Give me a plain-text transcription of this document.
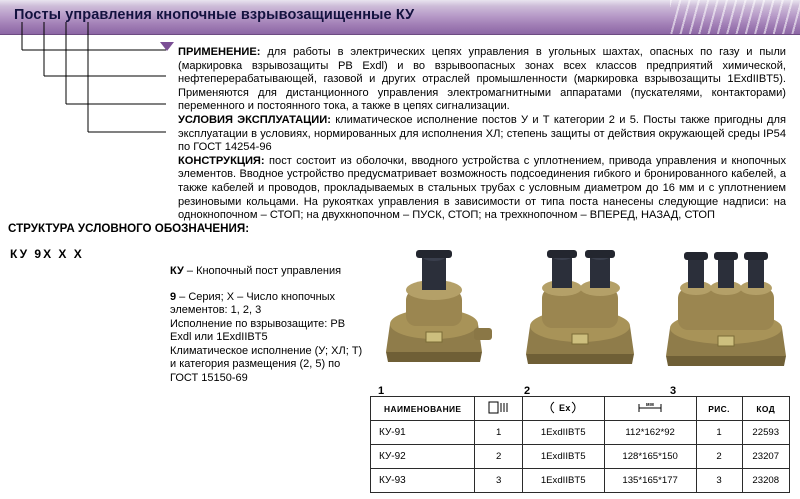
Посты управления кнопочные взрывозащищенные КУ

ПРИМЕНЕНИЕ: для работы в электрических цепях управления в угольных шахтах, опасных по газу и пыли (маркировка взрывозащиты РВ Exdl) и во взрывоопасных зонах всех классов предприятий химической, нефтеперерабатывающей, газовой и других отраслей промышленности (маркировка взрывозащиты 1ExdIIBT5). Применяются для дистанционного управления электромагнитными аппаратами (пускателями, контакторами) переменного и постоянного тока, а также в цепях сигнализации.

УСЛОВИЯ ЭКСПЛУАТАЦИИ: климатическое исполнение постов У и Т категории 2 и 5. Посты также пригодны для эксплуатации в условиях, нормированных для исполнения ХЛ; степень защиты от действия окружающей среды IP54 по ГОСТ 14254-96

КОНСТРУКЦИЯ: пост состоит из оболочки, вводного устройства с уплотнением, привода управления и кнопочных элементов. Вводное устройство предусматривает возможность подсоединения гибкого и бронированного кабелей, а также кабелей и проводов, прокладываемых в стальных трубах с условным диаметром до 16 мм и с уплотнением резиновыми кольцами. На рукоятках управления в зависимости от типа поста нанесены следующие надписи: на однокнопочном – СТОП; на двухкнопочном – ПУСК, СТОП; на трехкнопочном – ВПЕРЕД, НАЗАД, СТОП

СТРУКТУРА УСЛОВНОГО ОБОЗНАЧЕНИЯ:
КУ 9Х Х Х
КУ – Кнопочный пост управления
9 – Серия; Х – Число кнопочных элементов: 1, 2, 3
Исполнение по взрывозащите: РВ Exdl или 1ExdIIBT5
Климатическое исполнение (У; ХЛ; Т) и категория размещения (2, 5) по ГОСТ 15150-69
1	2	3
НАИМЕНОВАНИЕ		Ex	мм	РИС.	КОД
КУ-91	1	1ExdIIBT5	112*162*92	1	22593
КУ-92	2	1ExdIIBT5	128*165*150	2	23207
КУ-93	3	1ExdIIBT5	135*165*177	3	23208
